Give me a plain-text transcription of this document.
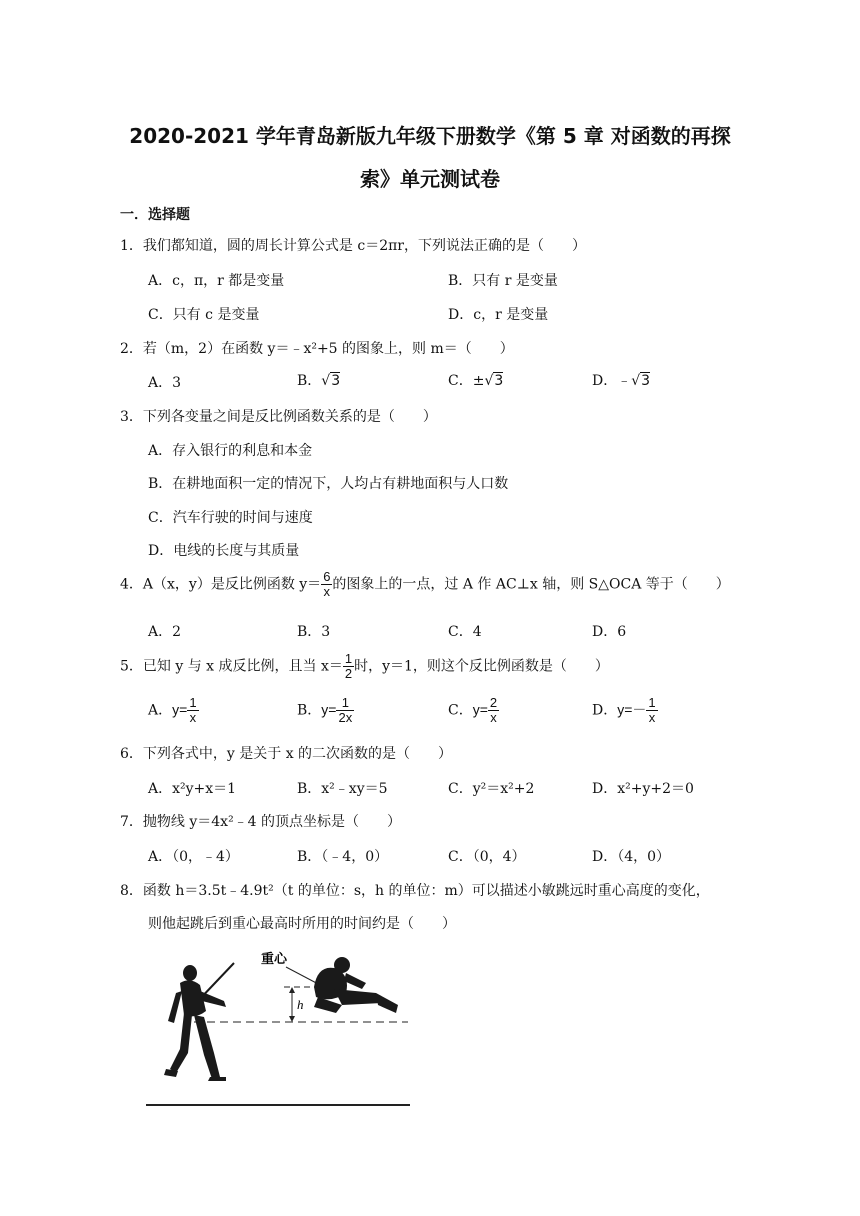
2020-2021 学年青岛新版九年级下册数学《第 5 章 对函数的再探
索》单元测试卷
一．选择题
1．我们都知道，圆的周长计算公式是 c＝2πr，下列说法正确的是（　　）
A．c，π，r 都是变量	B．只有 r 是变量
C．只有 c 是变量	D．c，r 是变量
2．若（m，2）在函数 y＝﹣x²+5 的图象上，则 m＝（　　）
A．3	B．√3	C．±√3	D．﹣√3
3．下列各变量之间是反比例函数关系的是（　　）
A．存入银行的利息和本金
B．在耕地面积一定的情况下，人均占有耕地面积与人口数
C．汽车行驶的时间与速度
D．电线的长度与其质量
4．A（x，y）是反比例函数 $y= \frac{6}{x}$ 的图象上的一点，过 A 作 AC⊥x 轴，则 S△OCA 等于（　　）
A．2	B．3	C．4	D．6
5．已知 y 与 x 成反比例，且当 $x= \frac{1}{2}$ 时，y＝1，则这个反比例函数是（　　）
A．$y= \frac{1}{x}$	B．$y= \frac{1}{2x}$	C．$y= \frac{2}{x}$	D．$y=- \frac{1}{x}$
6．下列各式中，y 是关于 x 的二次函数的是（　　）
A．x²y+x＝1	B．x²﹣xy＝5	C．y²＝x²+2	D．x²+y+2＝0
7．抛物线 y＝4x²﹣4 的顶点坐标是（　　）
A．（0，﹣4）	B．（﹣4，0）	C．（0，4）	D．（4，0）
8．函数 h＝3.5t﹣4.9t²（t 的单位：s，h 的单位：m）可以描述小敏跳远时重心高度的变化，
则他起跳后到重心最高时所用的时间约是（　　）
h
重心
